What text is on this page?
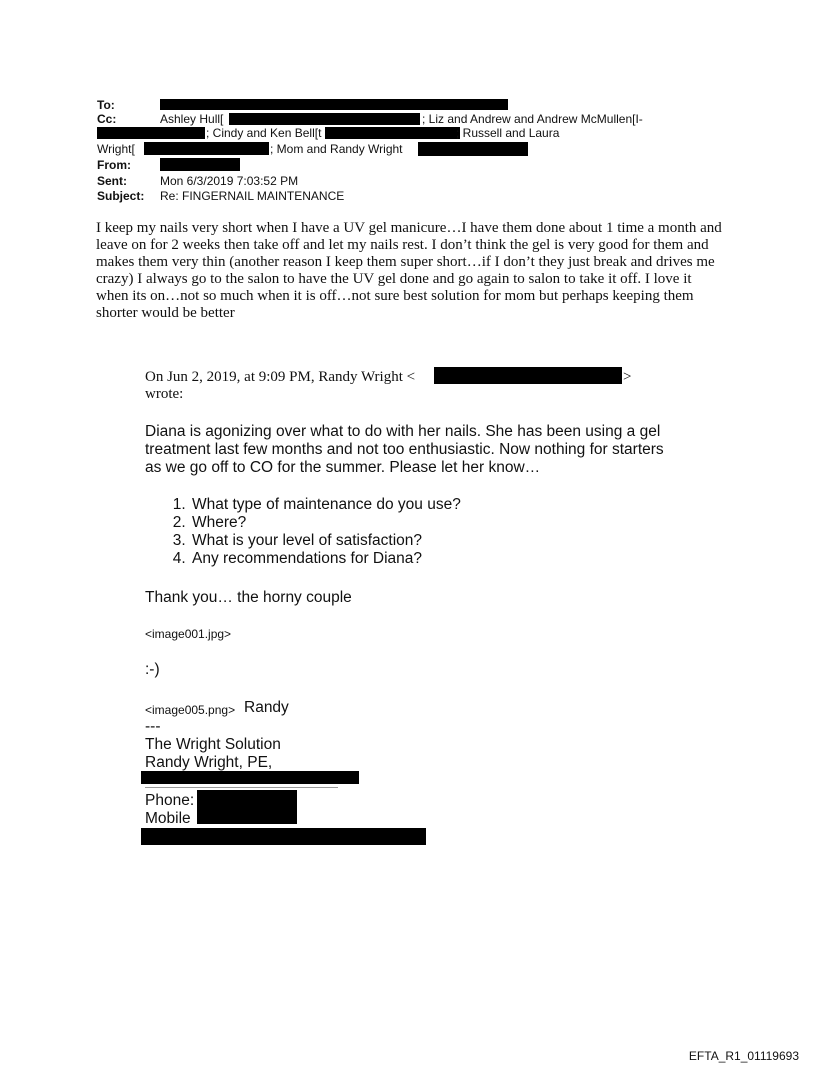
To:
Cc:	Ashley Hull[	; Liz and Andrew and Andrew McMullen[I-
; Cindy and Ken Bell[t	; Russell and Laura
Wright[	; Mom and Randy Wright
From:
Sent:	Mon 6/3/2019 7:03:52 PM
Subject: Re: FINGERNAIL MAINTENANCE

I keep my nails very short when I have a UV gel manicure…I have them done about 1 time a month and leave on for 2 weeks then take off and let my nails rest. I don’t think the gel is very good for them and makes them very thin (another reason I keep them super short…if I don’t they just break and drives me crazy) I always go to the salon to have the UV gel done and go again to salon to take it off. I love it when its on…not so much when it is off…not sure best solution for mom but perhaps keeping them shorter would be better

On Jun 2, 2019, at 9:09 PM, Randy Wright <	>
wrote:

Diana is agonizing over what to do with her nails. She has been using a gel treatment last few months and not too enthusiastic. Now nothing for starters as we go off to CO for the summer. Please let her know…

1. What type of maintenance do you use?
2. Where?
3. What is your level of satisfaction?
4. Any recommendations for Diana?
Thank you… the horny couple
<image001.jpg>
:-)
<image005.png> Randy
---
The Wright Solution
Randy Wright, PE,
Phone:
Mobile
EFTA_R1_01119693
